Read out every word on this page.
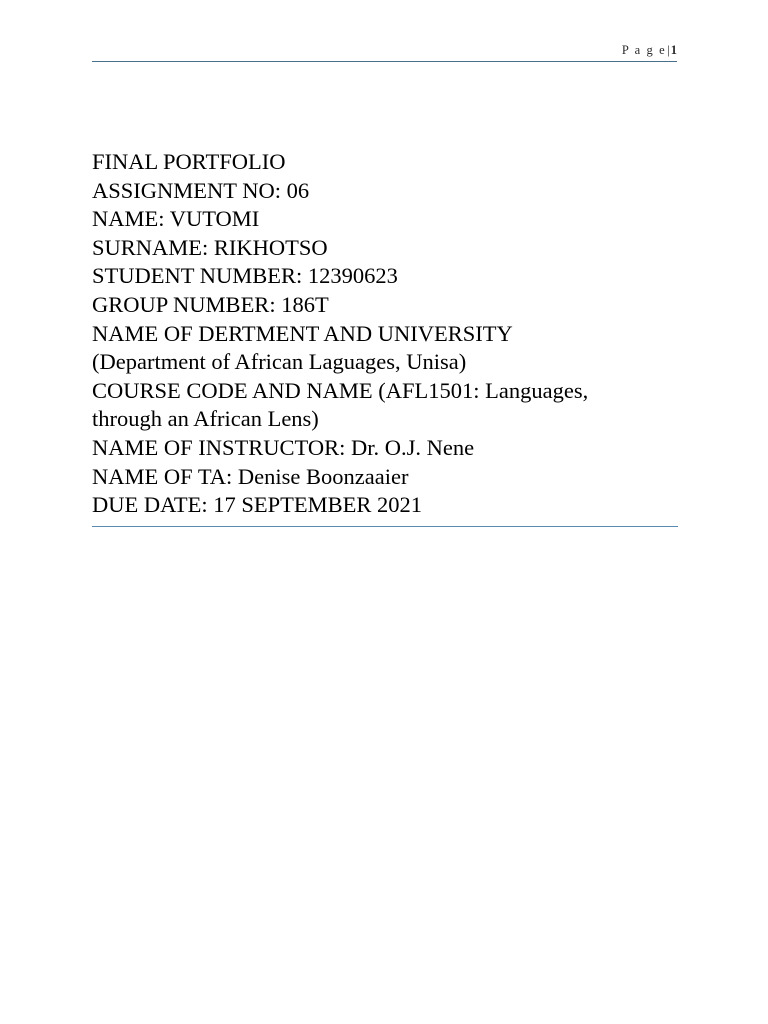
P a g e|1
FINAL PORTFOLIO
ASSIGNMENT NO: 06
NAME: VUTOMI
SURNAME: RIKHOTSO
STUDENT NUMBER: 12390623
GROUP NUMBER: 186T
NAME OF DERTMENT AND UNIVERSITY
(Department of African Laguages, Unisa)
COURSE CODE AND NAME (AFL1501: Languages,
through an African Lens)
NAME OF INSTRUCTOR: Dr. O.J. Nene
NAME OF TA: Denise Boonzaaier
DUE DATE: 17 SEPTEMBER 2021
